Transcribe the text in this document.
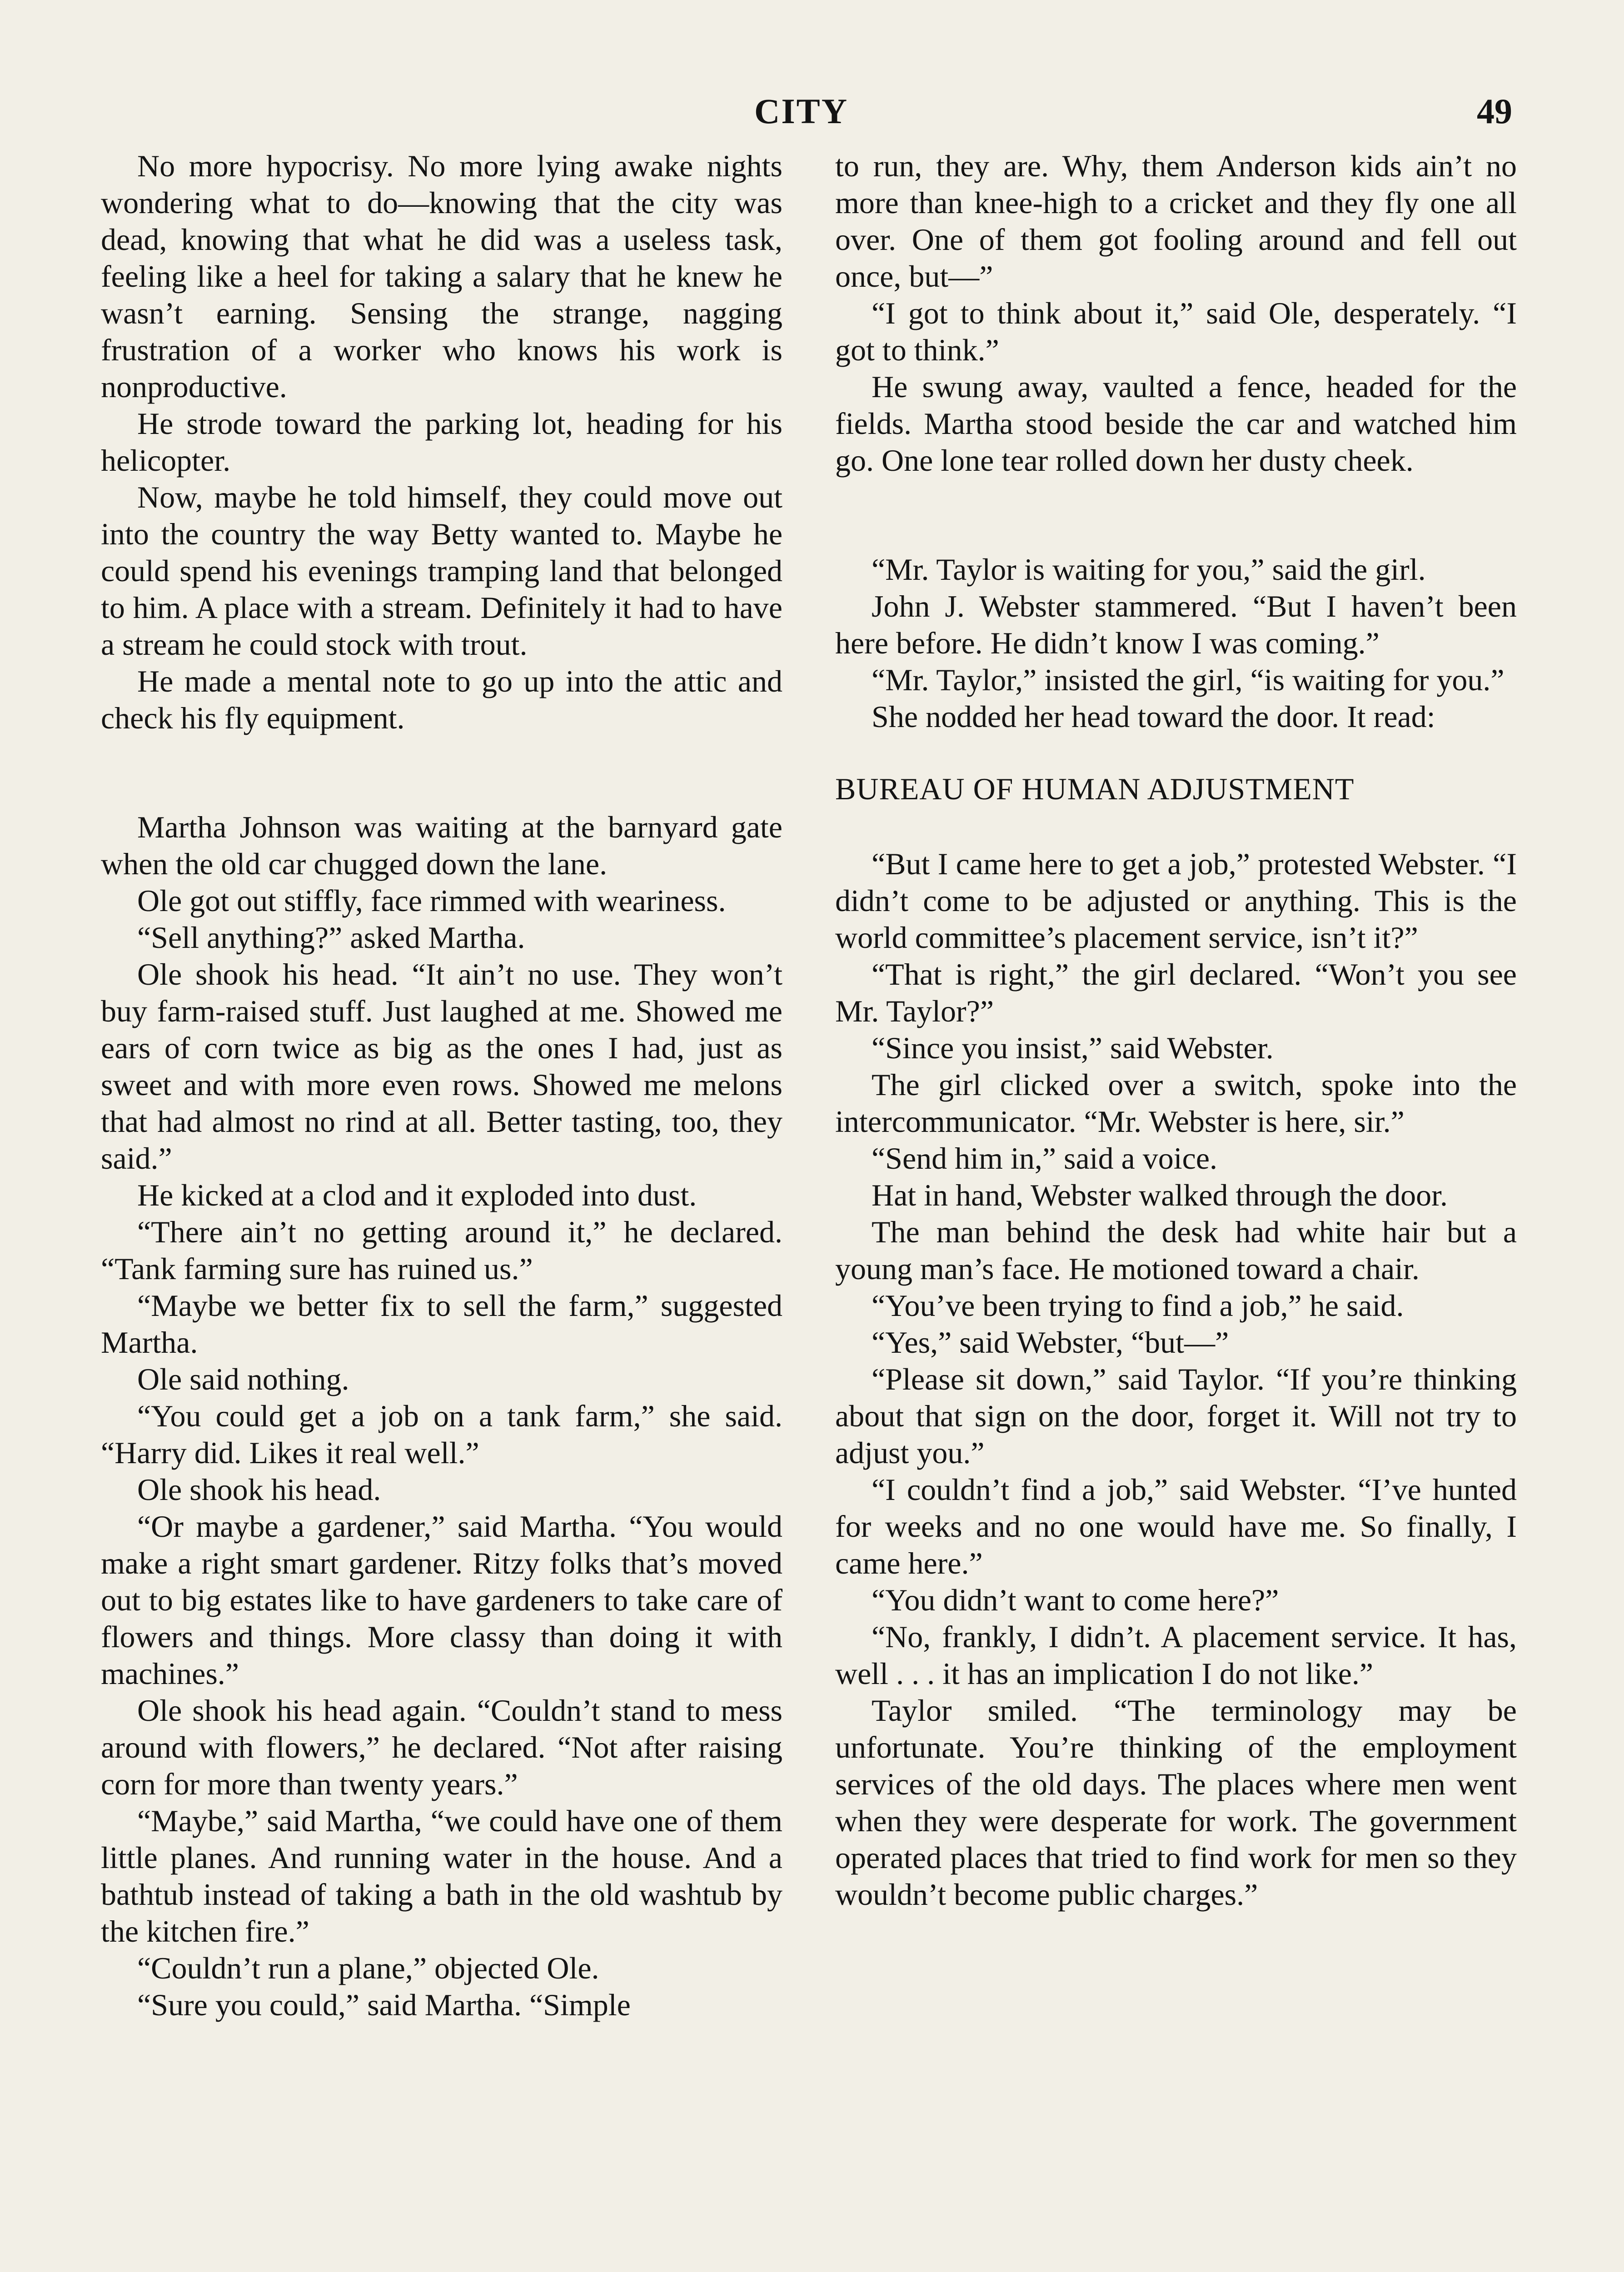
CITY	49

No more hypocrisy. No more lying awake nights wondering what to do—knowing that the city was dead, knowing that what he did was a useless task, feeling like a heel for taking a salary that he knew he wasn’t earning. Sensing the strange, nagging frustration of a worker who knows his work is nonproductive.

He strode toward the parking lot, heading for his helicopter.

Now, maybe he told himself, they could move out into the country the way Betty wanted to. Maybe he could spend his evenings tramping land that belonged to him. A place with a stream. Definitely it had to have a stream he could stock with trout.

He made a mental note to go up into the attic and check his fly equipment.

Martha Johnson was waiting at the barnyard gate when the old car chugged down the lane.

Ole got out stiffly, face rimmed with weariness.

“Sell anything?” asked Martha.

Ole shook his head. “It ain’t no use. They won’t buy farm-raised stuff. Just laughed at me. Showed me ears of corn twice as big as the ones I had, just as sweet and with more even rows. Showed me melons that had almost no rind at all. Better tasting, too, they said.”

He kicked at a clod and it exploded into dust.

“There ain’t no getting around it,” he declared. “Tank farming sure has ruined us.”

“Maybe we better fix to sell the farm,” suggested Martha.

Ole said nothing.

“You could get a job on a tank farm,” she said. “Harry did. Likes it real well.”

Ole shook his head.

“Or maybe a gardener,” said Martha. “You would make a right smart gardener. Ritzy folks that’s moved out to big estates like to have gardeners to take care of flowers and things. More classy than doing it with machines.”

Ole shook his head again. “Couldn’t stand to mess around with flowers,” he declared. “Not after raising corn for more than twenty years.”

“Maybe,” said Martha, “we could have one of them little planes. And running water in the house. And a bathtub instead of taking a bath in the old washtub by the kitchen fire.”

“Couldn’t run a plane,” objected Ole.

“Sure you could,” said Martha. “Simple

to run, they are. Why, them Anderson kids ain’t no more than knee-high to a cricket and they fly one all over. One of them got fooling around and fell out once, but—”

“I got to think about it,” said Ole, desperately. “I got to think.”

He swung away, vaulted a fence, headed for the fields. Martha stood beside the car and watched him go. One lone tear rolled down her dusty cheek.

“Mr. Taylor is waiting for you,” said the girl.

John J. Webster stammered. “But I haven’t been here before. He didn’t know I was coming.”

“Mr. Taylor,” insisted the girl, “is waiting for you.”

She nodded her head toward the door. It read:

BUREAU OF HUMAN ADJUSTMENT

“But I came here to get a job,” protested Webster. “I didn’t come to be adjusted or anything. This is the world committee’s placement service, isn’t it?”

“That is right,” the girl declared. “Won’t you see Mr. Taylor?”

“Since you insist,” said Webster.

The girl clicked over a switch, spoke into the intercommunicator. “Mr. Webster is here, sir.”

“Send him in,” said a voice.

Hat in hand, Webster walked through the door.

The man behind the desk had white hair but a young man’s face. He motioned toward a chair.

“You’ve been trying to find a job,” he said.

“Yes,” said Webster, “but—”

“Please sit down,” said Taylor. “If you’re thinking about that sign on the door, forget it. Will not try to adjust you.”

“I couldn’t find a job,” said Webster. “I’ve hunted for weeks and no one would have me. So finally, I came here.”

“You didn’t want to come here?”

“No, frankly, I didn’t. A placement service. It has, well . . . it has an implication I do not like.”

Taylor smiled. “The terminology may be unfortunate. You’re thinking of the employment services of the old days. The places where men went when they were desperate for work. The government operated places that tried to find work for men so they wouldn’t become public charges.”
